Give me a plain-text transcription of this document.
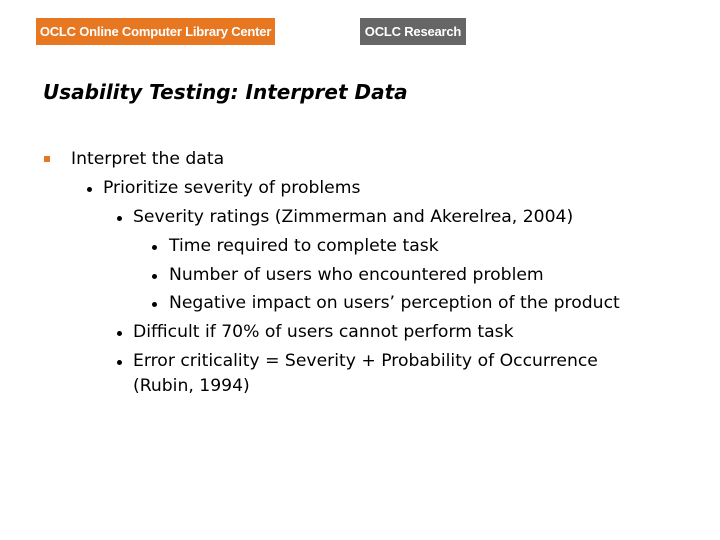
OCLC Online Computer Library Center	OCLC Research
Usability Testing: Interpret Data
Interpret the data
Prioritize severity of problems
Severity ratings (Zimmerman and Akerelrea, 2004)
Time required to complete task
Number of users who encountered problem
Negative impact on users’ perception of the product
Difficult if 70% of users cannot perform task
Error criticality = Severity + Probability of Occurrence
(Rubin, 1994)
